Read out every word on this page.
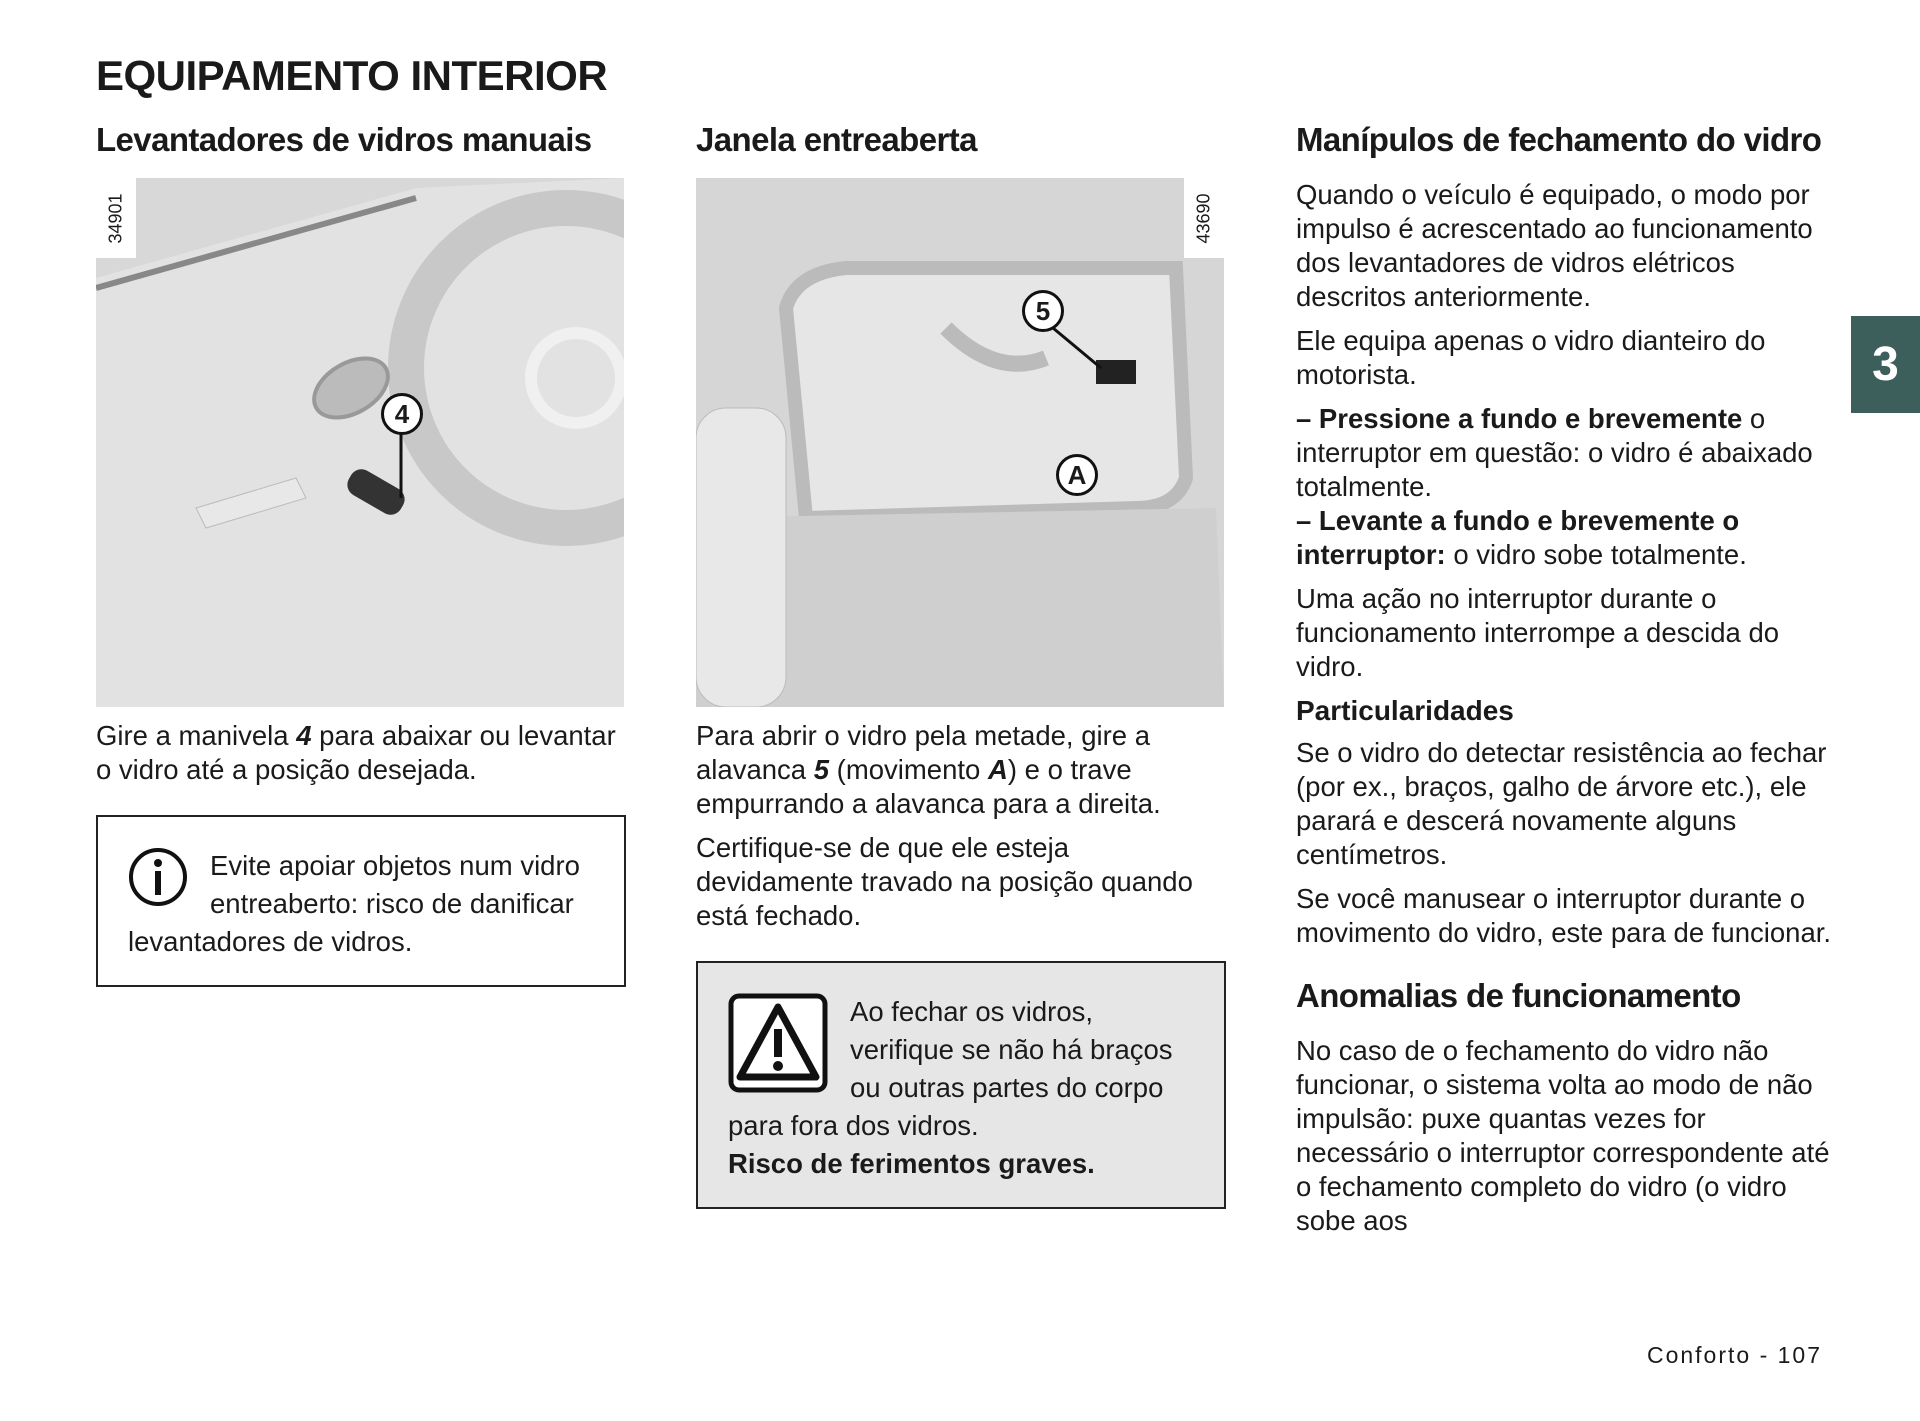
EQUIPAMENTO INTERIOR
Levantadores de vidros manuais
34901
4

Gire a manivela 4 para abaixar ou levantar o vidro até a posição desejada.

Evite apoiar objetos num vidro entreaberto: risco de danificar levantadores de vidros.
Janela entreaberta
43690
5
A

Para abrir o vidro pela metade, gire a alavanca 5 (movimento A) e o trave empurrando a alavanca para a direita.

Certifique-se de que ele esteja devidamente travado na posição quando está fechado.

Ao fechar os vidros, verifique se não há braços ou outras partes do corpo para fora dos vidros.
Risco de ferimentos graves.
Manípulos de fechamento do vidro

Quando o veículo é equipado, o modo por impulso é acrescentado ao funcionamento dos levantadores de vidros elétricos descritos anteriormente.

Ele equipa apenas o vidro dianteiro do motorista.

– Pressione a fundo e brevemente o interruptor em questão: o vidro é abaixado totalmente.

– Levante a fundo e brevemente o interruptor: o vidro sobe totalmente.

Uma ação no interruptor durante o funcionamento interrompe a descida do vidro.

Particularidades

Se o vidro do detectar resistência ao fechar (por ex., braços, galho de árvore etc.), ele parará e descerá novamente alguns centímetros.

Se você manusear o interruptor durante o movimento do vidro, este para de funcionar.

Anomalias de funcionamento

No caso de o fechamento do vidro não funcionar, o sistema volta ao modo de não impulsão: puxe quantas vezes for necessário o interruptor correspondente até o fechamento completo do vidro (o vidro sobe aos

3
Conforto - 107
